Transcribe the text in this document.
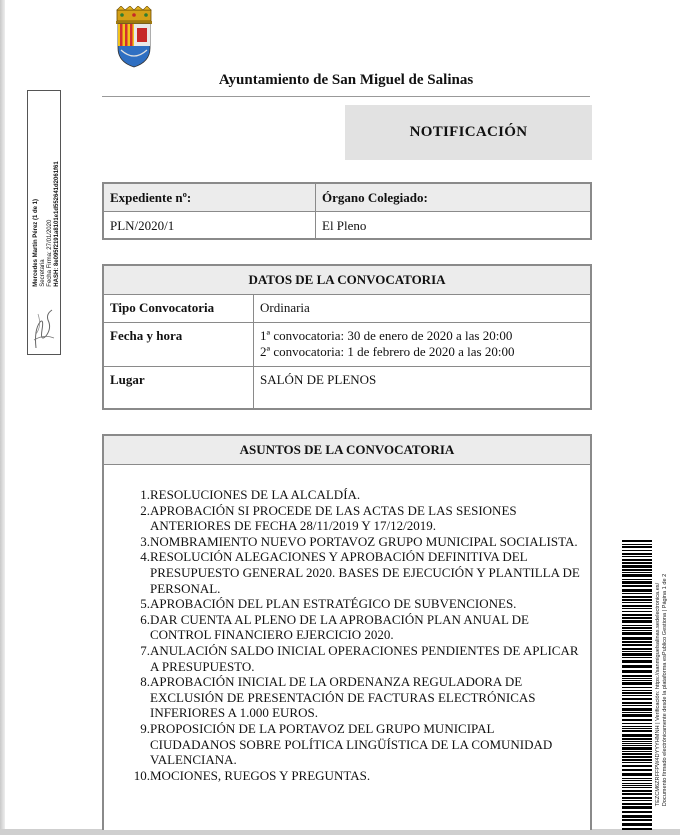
Ayuntamiento de San Miguel de Salinas
NOTIFICACIÓN
Expediente nº:	Órgano Colegiado:
PLN/2020/1	El Pleno
DATOS DE LA CONVOCATORIA
Tipo Convocatoria	Ordinaria
Fecha y hora	1ª convocatoria: 30 de enero de 2020 a las 20:00
2ª convocatoria: 1 de febrero de 2020 a las 20:00
Lugar	SALÓN DE PLENOS
ASUNTOS DE LA CONVOCATORIA
1. RESOLUCIONES DE LA ALCALDÍA.
2. APROBACIÓN SI PROCEDE DE LAS ACTAS DE LAS SESIONES ANTERIORES DE FECHA 28/11/2019 Y 17/12/2019.
3. NOMBRAMIENTO NUEVO PORTAVOZ GRUPO MUNICIPAL SOCIALISTA.
4. RESOLUCIÓN ALEGACIONES Y APROBACIÓN DEFINITIVA DEL PRESUPUESTO GENERAL 2020. BASES DE EJECUCIÓN Y PLANTILLA DE PERSONAL.
5. APROBACIÓN DEL PLAN ESTRATÉGICO DE SUBVENCIONES.
6. DAR CUENTA AL PLENO DE LA APROBACIÓN PLAN ANUAL DE CONTROL FINANCIERO EJERCICIO 2020.
7. ANULACIÓN SALDO INICIAL OPERACIONES PENDIENTES DE APLICAR A PRESUPUESTO.
8. APROBACIÓN INICIAL DE LA ORDENANZA REGULADORA DE EXCLUSIÓN DE PRESENTACIÓN DE FACTURAS ELECTRÓNICAS INFERIORES A 1.000 EUROS.
9. PROPOSICIÓN DE LA PORTAVOZ DEL GRUPO MUNICIPAL CIUDADANOS SOBRE POLÍTICA LINGÜÍSTICA DE LA COMUNIDAD VALENCIANA.
10. MOCIONES, RUEGOS Y PREGUNTAS.
Mercedes Martín Pérez (1 de 1) Secretaria Fecha Firma: 27/01/2020 HASH: 8e095f2191a8101e1d552641d2061f61
TEZCM6ZRFFPW4DYYYHMNH | Verificación: https://sanmiguelsalinas.sedelectronica.es/ Documento firmado electrónicamente desde la plataforma esPublico Gestiona | Página 1 de 2
